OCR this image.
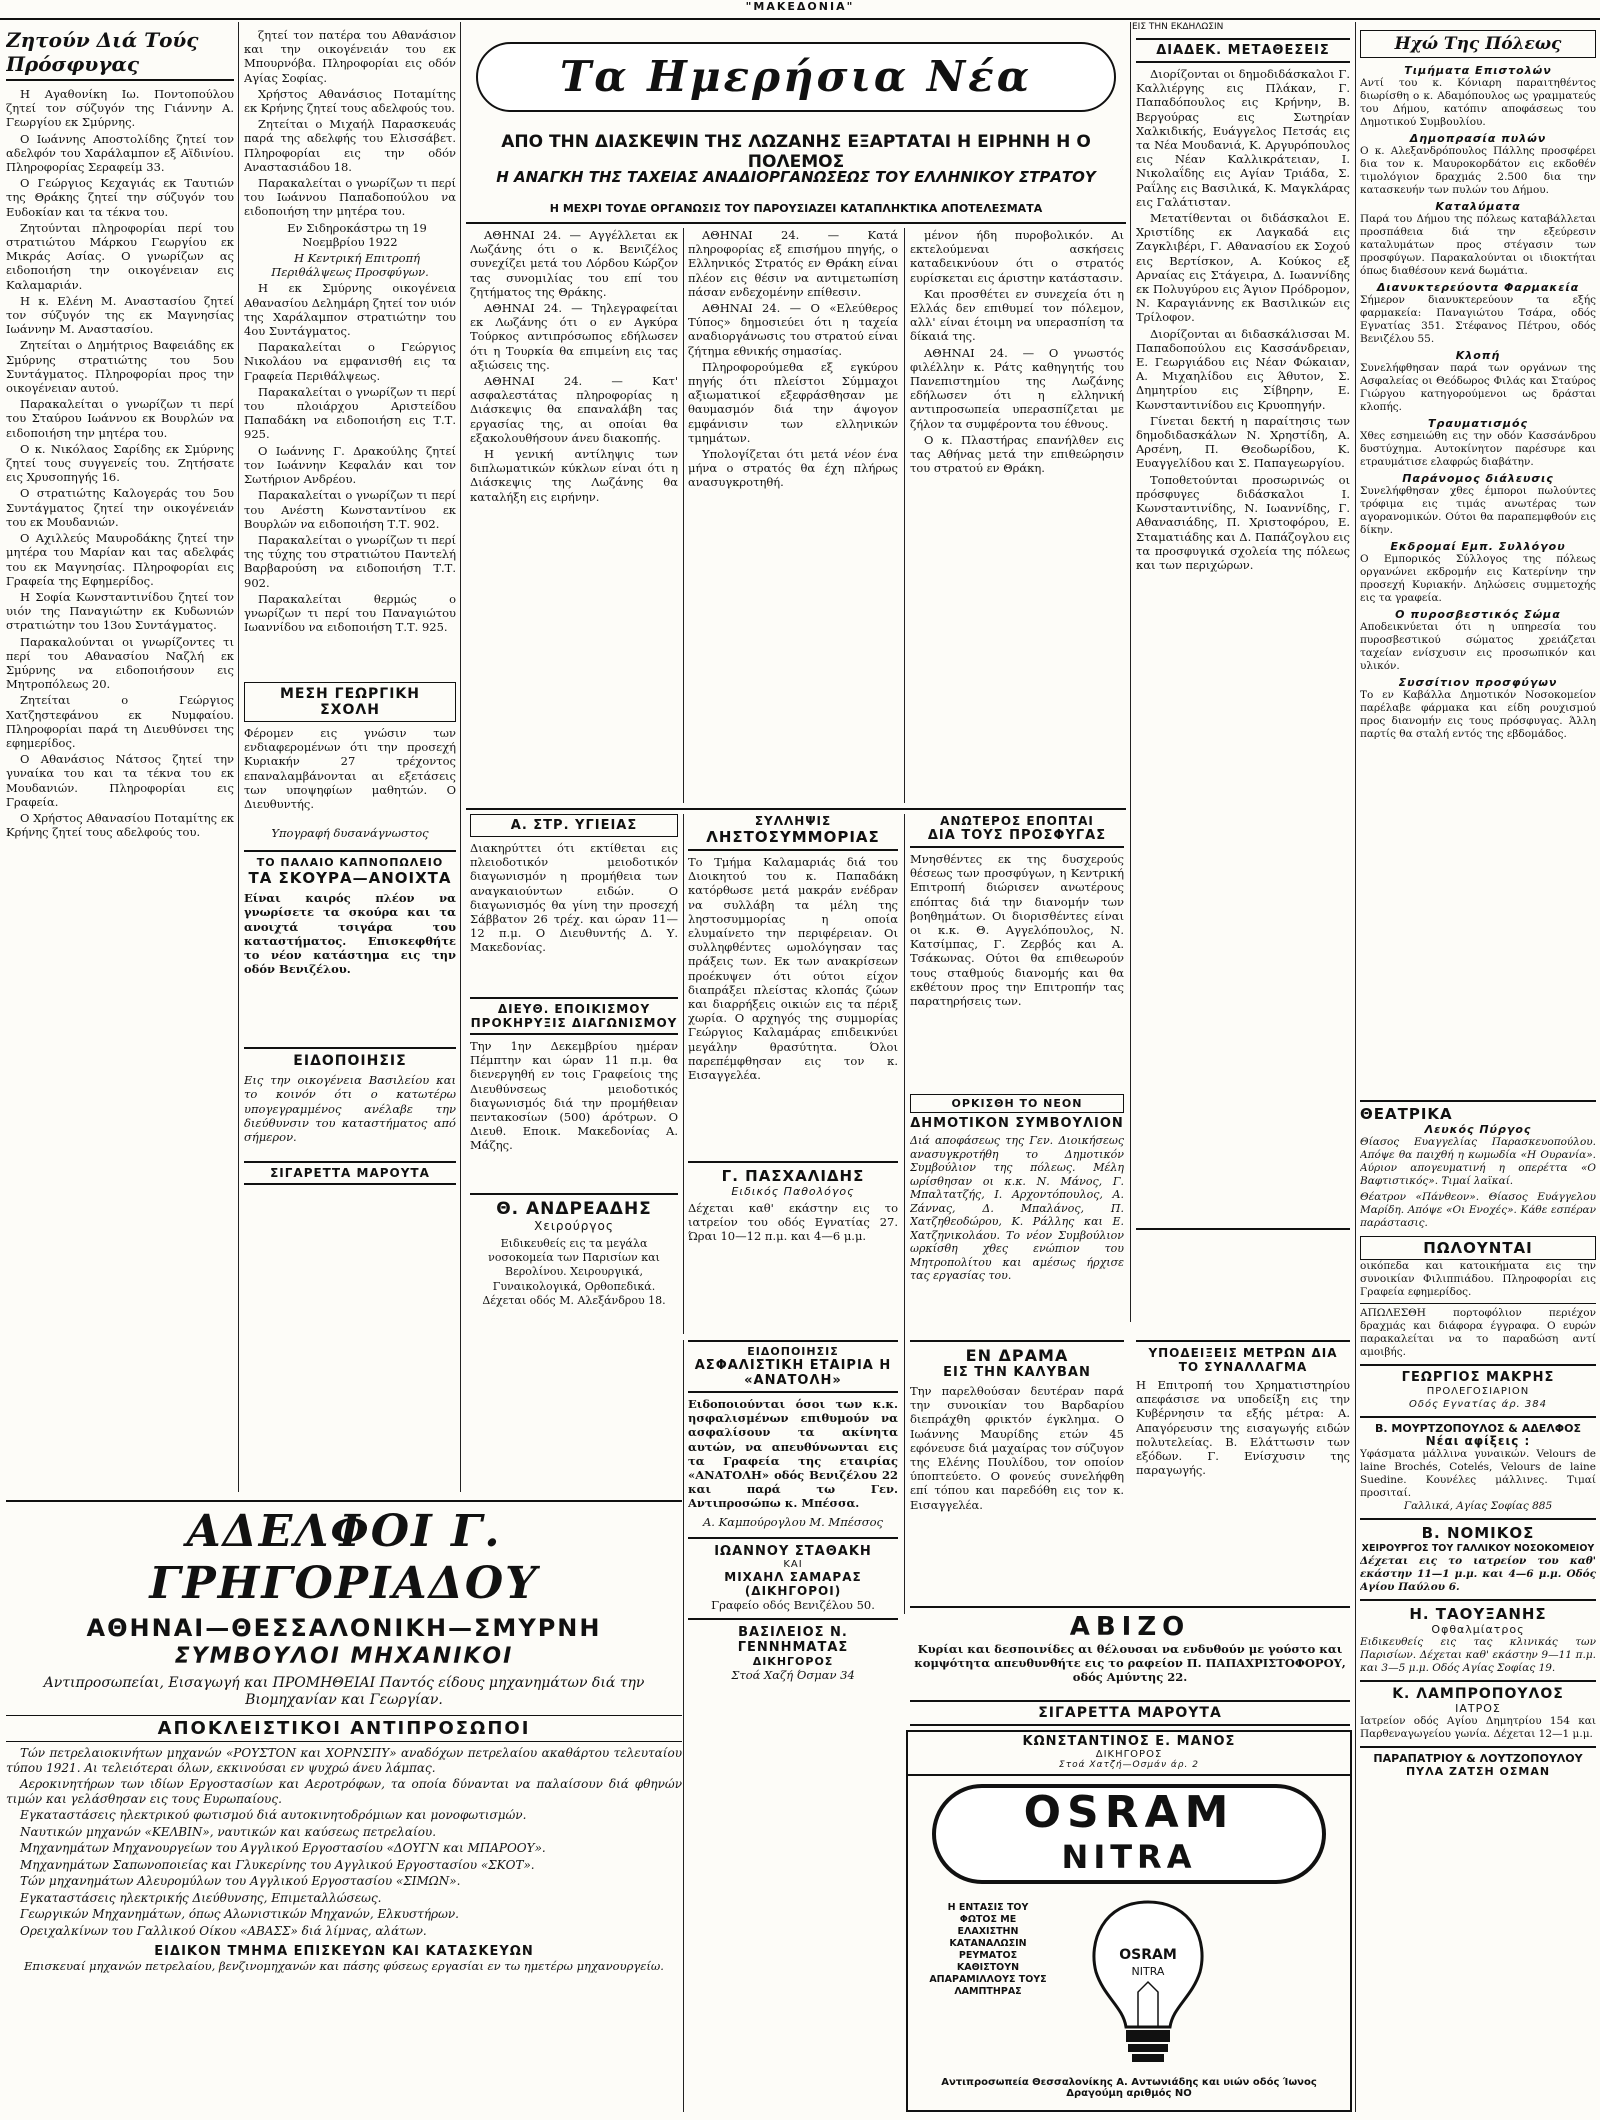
"ΜΑΚΕΔΟΝΙΑ"
ΕΙΣ ΤΗΝ ΕΚΔΗΛΩΣΙΝ
Ζητούν Διά Τούς Πρόσφυγας

Η Αγαθονίκη Ιω. Ποντοπούλου ζητεί τον σύζυγόν της Γιάννην Α. Γεωργίου εκ Σμύρνης.

Ο Ιωάννης Αποστολίδης ζητεί τον αδελφόν του Χαράλαμπον εξ Αϊδινίου. Πληροφορίας Σεραφείμ 33.

Ο Γεώργιος Κεχαγιάς εκ Ταυτιών της Θράκης ζητεί την σύζυγόν του Ευδοκίαν και τα τέκνα του.

Ζητούνται πληροφορίαι περί του στρατιώτου Μάρκου Γεωργίου εκ Μικράς Ασίας. Ο γνωρίζων ας ειδοποιήση την οικογένειαν εις Καλαμαριάν.

Η κ. Ελένη Μ. Αναστασίου ζητεί τον σύζυγόν της εκ Μαγνησίας Ιωάννην Μ. Αναστασίου.

Ζητείται ο Δημήτριος Βαφειάδης εκ Σμύρνης στρατιώτης του 5ου Συντάγματος. Πληροφορίαι προς την οικογένειαν αυτού.

Παρακαλείται ο γνωρίζων τι περί του Σταύρου Ιωάννου εκ Βουρλών να ειδοποιήση την μητέρα του.

Ο κ. Νικόλαος Σαρίδης εκ Σμύρνης ζητεί τους συγγενείς του. Ζητήσατε εις Χρυσοπηγής 16.

Ο στρατιώτης Καλογεράς του 5ου Συντάγματος ζητεί την οικογένειάν του εκ Μουδανιών.

Ο Αχιλλεύς Μαυροδάκης ζητεί την μητέρα του Μαρίαν και τας αδελφάς του εκ Μαγνησίας. Πληροφορίαι εις Γραφεία της Εφημερίδος.

Η Σοφία Κωνσταντινίδου ζητεί τον υιόν της Παναγιώτην εκ Κυδωνιών στρατιώτην του 13ου Συντάγματος.

Παρακαλούνται οι γνωρίζοντες τι περί του Αθανασίου Ναζλή εκ Σμύρνης να ειδοποιήσουν εις Μητροπόλεως 20.

Ζητείται ο Γεώργιος Χατζηστεφάνου εκ Νυμφαίου. Πληροφορίαι παρά τη Διευθύνσει της εφημερίδος.

Ο Αθανάσιος Νάτσος ζητεί την γυναίκα του και τα τέκνα του εκ Μουδανιών. Πληροφορίαι εις Γραφεία.

Ο Χρήστος Αθανασίου Ποταμίτης εκ Κρήνης ζητεί τους αδελφούς του.

ζητεί τον πατέρα του Αθανάσιον και την οικογένειάν του εκ Μπουρνόβα. Πληροφορίαι εις οδόν Αγίας Σοφίας.

Χρήστος Αθανάσιος Ποταμίτης εκ Κρήνης ζητεί τους αδελφούς του.

Ζητείται ο Μιχαήλ Παρασκευάς παρά της αδελφής του Ελισσάβετ. Πληροφορίαι εις την οδόν Αναστασιάδου 18.

Παρακαλείται ο γνωρίζων τι περί του Ιωάννου Παπαδοπούλου να ειδοποιήση την μητέρα του.

Εν Σιδηροκάστρω τη 19 Νοεμβρίου 1922

Η Κεντρική Επιτροπή Περιθάλψεως Προσφύγων.

Η εκ Σμύρνης οικογένεια Αθανασίου Δελημάρη ζητεί τον υιόν της Χαράλαμπον στρατιώτην του 4ου Συντάγματος.

Παρακαλείται ο Γεώργιος Νικολάου να εμφανισθή εις τα Γραφεία Περιθάλψεως.

Παρακαλείται ο γνωρίζων τι περί του πλοιάρχου Αριστείδου Παπαδάκη να ειδοποιήση εις Τ.Τ. 925.

Ο Ιωάννης Γ. Δρακούλης ζητεί τον Ιωάννην Κεφαλάν και τον Σωτήριον Ανδρέου.

Παρακαλείται ο γνωρίζων τι περί του Ανέστη Κωνσταντίνου εκ Βουρλών να ειδοποιήση Τ.Τ. 902.

Παρακαλείται ο γνωρίζων τι περί της τύχης του στρατιώτου Παντελή Βαρβαρούση να ειδοποιήση Τ.Τ. 902.

Παρακαλείται θερμώς ο γνωρίζων τι περί του Παναγιώτου Ιωαννίδου να ειδοποιήση Τ.Τ. 925.

ΜΕΣΗ ΓΕΩΡΓΙΚΗ ΣΧΟΛΗ
Φέρομεν εις γνώσιν των ενδιαφερομένων ότι την προσεχή Κυριακήν 27 τρέχοντος επαναλαμβάνονται αι εξετάσεις των υποψηφίων μαθητών. Ο Διευθυντής.
Υπογραφή δυσανάγνωστος
ΤΟ ΠΑΛΑΙΟ ΚΑΠΝΟΠΩΛΕΙΟ
ΤΑ ΣΚΟΥΡΑ—ΑΝΟΙΧΤΑ
Είναι καιρός πλέον να γνωρίσετε τα σκούρα και τα ανοιχτά τσιγάρα του καταστήματος. Επισκεφθήτε το νέον κατάστημα εις την οδόν Βενιζέλου.
ΕΙΔΟΠΟΙΗΣΙΣ
Εις την οικογένεια Βασιλείου και το κοινόν ότι ο κατωτέρω υπογεγραμμένος ανέλαβε την διεύθυνσιν του καταστήματος από σήμερον.
ΣΙΓΑΡΕΤΤΑ ΜΑΡΟΥΤΑ
Τα Ημερήσια Νέα
ΑΠΟ ΤΗΝ ΔΙΑΣΚΕΨΙΝ ΤΗΣ ΛΩΖΑΝΗΣ ΕΞΑΡΤΑΤΑΙ Η ΕΙΡΗΝΗ Η Ο ΠΟΛΕΜΟΣ
Η ΑΝΑΓΚΗ ΤΗΣ ΤΑΧΕΙΑΣ ΑΝΑΔΙΟΡΓΑΝΩΣΕΩΣ ΤΟΥ ΕΛΛΗΝΙΚΟΥ ΣΤΡΑΤΟΥ
Η ΜΕΧΡΙ ΤΟΥΔΕ ΟΡΓΑΝΩΣΙΣ ΤΟΥ ΠΑΡΟΥΣΙΑΖΕΙ ΚΑΤΑΠΛΗΚΤΙΚΑ ΑΠΟΤΕΛΕΣΜΑΤΑ

ΑΘΗΝΑΙ 24. — Αγγέλλεται εκ Λωζάνης ότι ο κ. Βενιζέλος συνεχίζει μετά του Λόρδου Κώρζον τας συνομιλίας του επί του ζητήματος της Θράκης.

ΑΘΗΝΑΙ 24. — Τηλεγραφείται εκ Λωζάνης ότι ο εν Αγκύρα Τούρκος αντιπρόσωπος εδήλωσεν ότι η Τουρκία θα επιμείνη εις τας αξιώσεις της.

ΑΘΗΝΑΙ 24. — Κατ' ασφαλεστάτας πληροφορίας η Διάσκεψις θα επαναλάβη τας εργασίας της, αι οποίαι θα εξακολουθήσουν άνευ διακοπής.

Η γενική αντίληψις των διπλωματικών κύκλων είναι ότι η Διάσκεψις της Λωζάνης θα καταλήξη εις ειρήνην.

ΑΘΗΝΑΙ 24. — Κατά πληροφορίας εξ επισήμου πηγής, ο Ελληνικός Στρατός εν Θράκη είναι πλέον εις θέσιν να αντιμετωπίση πάσαν ενδεχομένην επίθεσιν.

ΑΘΗΝΑΙ 24. — Ο «Ελεύθερος Τύπος» δημοσιεύει ότι η ταχεία αναδιοργάνωσις του στρατού είναι ζήτημα εθνικής σημασίας.

Πληροφορούμεθα εξ εγκύρου πηγής ότι πλείστοι Σύμμαχοι αξιωματικοί εξεφράσθησαν με θαυμασμόν διά την άψογον εμφάνισιν των ελληνικών τμημάτων.

Υπολογίζεται ότι μετά νέον ένα μήνα ο στρατός θα έχη πλήρως ανασυγκροτηθή.

μένον ήδη πυροβολικόν. Αι εκτελούμεναι ασκήσεις καταδεικνύουν ότι ο στρατός ευρίσκεται εις άριστην κατάστασιν.

Και προσθέτει εν συνεχεία ότι η Ελλάς δεν επιθυμεί τον πόλεμον, αλλ' είναι έτοιμη να υπερασπίση τα δίκαιά της.

ΑΘΗΝΑΙ 24. — Ο γνωστός φιλέλλην κ. Ράτς καθηγητής του Πανεπιστημίου της Λωζάνης εδήλωσεν ότι η ελληνική αντιπροσωπεία υπερασπίζεται με ζήλον τα συμφέροντα του έθνους.

Ο κ. Πλαστήρας επανήλθεν εις τας Αθήνας μετά την επιθεώρησιν του στρατού εν Θράκη.

Α. ΣΤΡ. ΥΓΙΕΙΑΣ
Διακηρύττει ότι εκτίθεται εις πλειοδοτικόν μειοδοτικόν διαγωνισμόν η προμήθεια των αναγκαιούντων ειδών. Ο διαγωνισμός θα γίνη την προσεχή Σάββατον 26 τρέχ. και ώραν 11—12 π.μ. Ο Διευθυντής Δ. Υ. Μακεδονίας.
ΔΙΕΥΘ. ΕΠΟΙΚΙΣΜΟΥ ΠΡΟΚΗΡΥΞΙΣ ΔΙΑΓΩΝΙΣΜΟΥ
Την 1ην Δεκεμβρίου ημέραν Πέμπτην και ώραν 11 π.μ. θα διενεργηθή εν τοις Γραφείοις της Διευθύνσεως μειοδοτικός διαγωνισμός διά την προμήθειαν πεντακοσίων (500) άρότρων. Ο Διευθ. Εποικ. Μακεδονίας Α. Μάζης.
Θ. ΑΝΔΡΕΑΔΗΣ
Χειρούργος
Ειδικευθείς εις τα μεγάλα νοσοκομεία των Παρισίων και Βερολίνου. Χειρουργικά, Γυναικολογικά, Ορθοπεδικά. Δέχεται οδός Μ. Αλεξάνδρου 18.
ΣΥΛΛΗΨΙΣ
ΛΗΣΤΟΣΥΜΜΟΡΙΑΣ
Το Τμήμα Καλαμαριάς διά του Διοικητού του κ. Παπαδάκη κατόρθωσε μετά μακράν ενέδραν να συλλάβη τα μέλη της ληστοσυμμορίας η οποία ελυμαίνετο την περιφέρειαν. Οι συλληφθέντες ωμολόγησαν τας πράξεις των. Εκ των ανακρίσεων προέκυψεν ότι ούτοι είχον διαπράξει πλείστας κλοπάς ζώων και διαρρήξεις οικιών εις τα πέριξ χωρία. Ο αρχηγός της συμμορίας Γεώργιος Καλαμάρας επιδεικνύει μεγάλην θρασύτητα. Όλοι παρεπέμφθησαν εις τον κ. Εισαγγελέα.
Γ. ΠΑΣΧΑΛΙΔΗΣ
Ειδικός Παθολόγος
Δέχεται καθ' εκάστην εις το ιατρείον του οδός Εγνατίας 27. Ώραι 10—12 π.μ. και 4—6 μ.μ.
ΑΝΩΤΕΡΟΣ ΕΠΟΠΤΑΙ
ΔΙΑ ΤΟΥΣ ΠΡΟΣΦΥΓΑΣ
Μνησθέντες εκ της δυσχερούς θέσεως των προσφύγων, η Κεντρική Επιτροπή διώρισεν ανωτέρους επόπτας διά την διανομήν των βοηθημάτων. Οι διορισθέντες είναι οι κ.κ. Θ. Αγγελόπουλος, Ν. Κατσίμπας, Γ. Ζερβός και Α. Τσάκωνας. Ούτοι θα επιθεωρούν τους σταθμούς διανομής και θα εκθέτουν προς την Επιτροπήν τας παρατηρήσεις των.
ΟΡΚΙΣΘΗ ΤΟ ΝΕΟΝ
ΔΗΜΟΤΙΚΟΝ ΣΥΜΒΟΥΛΙΟΝ
Διά αποφάσεως της Γεν. Διοικήσεως ανασυγκροτήθη το Δημοτικόν Συμβούλιον της πόλεως. Μέλη ωρίσθησαν οι κ.κ. Ν. Μάνος, Γ. Μπαλτατζής, Ι. Αρχοντόπουλος, Α. Ζάννας, Δ. Μπαλάνος, Π. Χατζηθεοδώρου, Κ. Ράλλης και Ε. Χατζηνικολάου. Το νέον Συμβούλιον ωρκίσθη χθες ενώπιον του Μητροπολίτου και αμέσως ήρχισε τας εργασίας του.
ΔΙΑΔΕΚ. ΜΕΤΑΘΕΣΕΙΣ

Διορίζονται οι δημοδιδάσκαλοι Γ. Καλλιέργης εις Πλάκαν, Γ. Παπαδόπουλος εις Κρήνην, Β. Βεργούρας εις Σωτηρίαν Χαλκιδικής, Ευάγγελος Πετσάς εις τα Νέα Μουδανιά, Κ. Αργυρόπουλος εις Νέαν Καλλικράτειαν, Ι. Νικολαΐδης εις Αγίαν Τριάδα, Σ. Ραΐλης εις Βασιλικά, Κ. Μαγκλάρας εις Γαλάτισταν.

Μετατίθενται οι διδάσκαλοι Ε. Χριστίδης εκ Λαγκαδά εις Ζαγκλιβέρι, Γ. Αθανασίου εκ Σοχού εις Βερτίσκον, Α. Κούκος εξ Αρναίας εις Στάγειρα, Δ. Ιωαννίδης εκ Πολυγύρου εις Άγιον Πρόδρομον, Ν. Καραγιάννης εκ Βασιλικών εις Τρίλοφον.

Διορίζονται αι διδασκάλισσαι Μ. Παπαδοπούλου εις Κασσάνδρειαν, Ε. Γεωργιάδου εις Νέαν Φώκαιαν, Α. Μιχαηλίδου εις Άθυτον, Σ. Δημητρίου εις Σίβηρην, Ε. Κωνσταντινίδου εις Κρυοπηγήν.

Γίνεται δεκτή η παραίτησις των δημοδιδασκάλων Ν. Χρηστίδη, Α. Αρσένη, Π. Θεοδωρίδου, Κ. Ευαγγελίδου και Σ. Παπαγεωργίου.

Τοποθετούνται προσωρινώς οι πρόσφυγες διδάσκαλοι Ι. Κωνσταντινίδης, Ν. Ιωαννίδης, Γ. Αθανασιάδης, Π. Χριστοφόρου, Ε. Σταματιάδης και Δ. Παπάζογλου εις τα προσφυγικά σχολεία της πόλεως και των περιχώρων.

ΕΝ ΔΡΑΜΑ
ΕΙΣ ΤΗΝ ΚΑΛΥΒΑΝ
Την παρελθούσαν δευτέραν παρά την συνοικίαν του Βαρδαρίου διεπράχθη φρικτόν έγκλημα. Ο Ιωάννης Μαυρίδης ετών 45 εφόνευσε διά μαχαίρας τον σύζυγον της Ελένης Πουλίδου, τον οποίον ύποπτεύετο. Ο φονεύς συνελήφθη επί τόπου και παρεδόθη εις τον κ. Εισαγγελέα.
ΥΠΟΔΕΙΞΕΙΣ ΜΕΤΡΩΝ ΔΙΑ ΤΟ ΣΥΝΑΛΛΑΓΜΑ
Η Επιτροπή του Χρηματιστηρίου απεφάσισε να υποδείξη εις την Κυβέρνησιν τα εξής μέτρα: Α. Απαγόρευσιν της εισαγωγής ειδών πολυτελείας. Β. Ελάττωσιν των εξόδων. Γ. Ενίσχυσιν της παραγωγής.
ΑΒΙΖΟ
Κυρίαι και δεσποινίδες αι θέλουσαι να ενδυθούν με γούστο και κομψότητα απευθυνθήτε εις το ραφείον Π. ΠΑΠΑΧΡΙΣΤΟΦΟΡΟΥ, οδός Αμύντης 22.
ΣΙΓΑΡΕΤΤΑ ΜΑΡΟΥΤΑ
ΕΙΔΟΠΟΙΗΣΙΣ
ΑΣΦΑΛΙΣΤΙΚΗ ΕΤΑΙΡΙΑ Η «ΑΝΑΤΟΛΗ»
Ειδοποιούνται όσοι των κ.κ. ησφαλισμένων επιθυμούν να ασφαλίσουν τα ακίνητα αυτών, να απευθύνωνται εις τα Γραφεία της εταιρίας «ΑΝΑΤΟΛΗ» οδός Βενιζέλου 22 και παρά τω Γεν. Αντιπροσώπω κ. Μπέσσα.
Α. Καμπούρογλου Μ. Μπέσσος
ΙΩΑΝΝΟΥ ΣΤΑΘΑΚΗ
ΚΑΙ
ΜΙΧΑΗΛ ΣΑΜΑΡΑΣ (ΔΙΚΗΓΟΡΟΙ)
Γραφείο οδός Βενιζέλου 50.
ΒΑΣΙΛΕΙΟΣ Ν. ΓΕΝΝΗΜΑΤΑΣ
ΔΙΚΗΓΟΡΟΣ
Στοά Χαζή Όσμαν 34
ΚΩΝΣΤΑΝΤΙΝΟΣ Ε. ΜΑΝΟΣ
ΔΙΚΗΓΟΡΟΣ
Στοά Χατζή—Οσμάν άρ. 2
OSRAM
NITRA
Η ΕΝΤΑΣΙΣ ΤΟΥ ΦΩΤΟΣ ΜΕ ΕΛΑΧΙΣΤΗΝ ΚΑΤΑΝΑΛΩΣΙΝ ΡΕΥΜΑΤΟΣ ΚΑΘΙΣΤΟΥΝ ΑΠΑΡΑΜΙΛΛΟΥΣ ΤΟΥΣ ΛΑΜΠΤΗΡΑΣ
OSRAM
NITRA
Αντιπροσωπεία Θεσσαλονίκης Α. Αντωνιάδης και υιών οδός Ίωνος Δραγούμη αριθμός ΝΟ
Ηχώ Της Πόλεως
Τιμήματα Επιστολών
Αντί του κ. Κόνιαρη παραιτηθέντος διωρίσθη ο κ. Αδαμόπουλος ως γραμματεύς του Δήμου, κατόπιν αποφάσεως του Δημοτικού Συμβουλίου.
Δημοπρασία πυλών
Ο κ. Αλεξανδρόπουλος Πάλλης προσφέρει δια τον κ. Μαυροκορδάτον εις εκδοθέν τιμολόγιον δραχμάς 2.500 δια την κατασκευήν των πυλών του Δήμου.
Καταλύματα
Παρά του Δήμου της πόλεως καταβάλλεται προσπάθεια διά την εξεύρεσιν καταλυμάτων προς στέγασιν των προσφύγων. Παρακαλούνται οι ιδιοκτήται όπως διαθέσουν κενά δωμάτια.
Διανυκτερεύοντα Φαρμακεία
Σήμερον διανυκτερεύουν τα εξής φαρμακεία: Παναγιώτου Τσάρα, οδός Εγνατίας 351. Στέφανος Πέτρου, οδός Βενιζέλου 55.
Κλοπή
Συνελήφθησαν παρά των οργάνων της Ασφαλείας οι Θεόδωρος Φιλάς και Σταύρος Γιώργου κατηγορούμενοι ως δράσται κλοπής.
Τραυματισμός
Χθες εσημειώθη εις την οδόν Κασσάνδρου δυστύχημα. Αυτοκίνητον παρέσυρε και ετραυμάτισε ελαφρώς διαβάτην.
Παράνομος διάλευσις
Συνελήφθησαν χθες έμποροι πωλούντες τρόφιμα εις τιμάς ανωτέρας των αγορανομικών. Ούτοι θα παραπεμφθούν εις δίκην.
Εκδρομαί Εμπ. Συλλόγου
Ο Εμπορικός Σύλλογος της πόλεως οργανώνει εκδρομήν εις Κατερίνην την προσεχή Κυριακήν. Δηλώσεις συμμετοχής εις τα γραφεία.
Ο πυροσβεστικός Σώμα
Αποδεικνύεται ότι η υπηρεσία του πυροσβεστικού σώματος χρειάζεται ταχείαν ενίσχυσιν εις προσωπικόν και υλικόν.
Συσσίτιον προσφύγων
Το εν Καβάλλα Δημοτικόν Νοσοκομείον παρέλαβε φάρμακα και είδη ρουχισμού προς διανομήν εις τους πρόσφυγας. Άλλη παρτίς θα σταλή εντός της εβδομάδος.
ΘΕΑΤΡΙΚΑ
Λευκός Πύργος
Θίασος Ευαγγελίας Παρασκευοπούλου. Απόψε θα παιχθή η κωμωδία «Η Ουρανία». Αύριον απογευματινή η οπερέττα «Ο Βαφτιστικός». Τιμαί λαϊκαί.
Θέατρον «Πάνθεον». Θίασος Ευάγγελου Μαρίδη. Απόψε «Οι Ενοχές». Κάθε εσπέραν παράστασις.
ΠΩΛΟΥΝΤΑΙ
οικόπεδα και κατοικήματα εις την συνοικίαν Φιλιππιάδου. Πληροφορίαι εις Γραφεία εφημερίδος.
ΑΠΩΛΕΣΘΗ πορτοφόλιον περιέχον δραχμάς και διάφορα έγγραφα. Ο ευρών παρακαλείται να το παραδώση αντί αμοιβής.
ΓΕΩΡΓΙΟΣ ΜΑΚΡΗΣ
ΠΡΟΛΕΓΟΣΙΑΡΙΟΝ
Οδός Εγνατίας άρ. 384
Β. ΜΟΥΡΤΖΟΠΟΥΛΟΣ & ΑΔΕΛΦΟΣ
Νέαι αφίξεις :
Υφάσματα μάλλινα γυναικών. Velours de laine Brochés, Cotelés, Velours de laine Suedine. Κουνέλες μάλλινες. Τιμαί προσιταί.
Γαλλικά, Αγίας Σοφίας 885
Β. ΝΟΜΙΚΟΣ
ΧΕΙΡΟΥΡΓΟΣ ΤΟΥ ΓΑΛΛΙΚΟΥ ΝΟΣΟΚΟΜΕΙΟΥ
Δέχεται εις το ιατρείον του καθ' εκάστην 11—1 μ.μ. και 4—6 μ.μ. Οδός Αγίου Παύλου 6.
Η. ΤΑΟΥΞΑΝΗΣ
Οφθαλμίατρος
Ειδικευθείς εις τας κλινικάς των Παρισίων. Δέχεται καθ' εκάστην 9—11 π.μ. και 3—5 μ.μ. Οδός Αγίας Σοφίας 19.
Κ. ΛΑΜΠΡΟΠΟΥΛΟΣ
ΙΑΤΡΟΣ
Ιατρείον οδός Αγίου Δημητρίου 154 και Παρθεναγωγείου γωνία. Δέχεται 12—1 μ.μ.
ΠΑΡΑΠΑΤΡΙΟΥ & ΛΟΥΤΖΟΠΟΥΛΟΥ
ΠΥΛΑ ΖΑΤΣΗ ΟΣΜΑΝ
ΑΔΕΛΦΟΙ Γ. ΓΡΗΓΟΡΙΑΔΟΥ
ΑΘΗΝΑΙ—ΘΕΣΣΑΛΟΝΙΚΗ—ΣΜΥΡΝΗ
ΣΥΜΒΟΥΛΟΙ ΜΗΧΑΝΙΚΟΙ
Αντιπροσωπείαι, Εισαγωγή και ΠΡΟΜΗΘΕΙΑΙ Παντός είδους μηχανημάτων διά την Βιομηχανίαν και Γεωργίαν.
ΑΠΟΚΛΕΙΣΤΙΚΟΙ ΑΝΤΙΠΡΟΣΩΠΟΙ

Τών πετρελαιοκινήτων μηχανών «ΡΟΥΣΤΟΝ και ΧΟΡΝΣΠΥ» αναδόχων πετρελαίου ακαθάρτου τελευταίου τύπου 1921. Αι τελειότεραι όλων, εκκινούσαι εν ψυχρώ άνευ λάμπας.

Αεροκινητήρων των ιδίων Εργοστασίων και Αεροτρόφων, τα οποία δύνανται να παλαίσουν διά φθηνών τιμών και γελάσθησαν εις τους Ευρωπαίους.

Εγκαταστάσεις ηλεκτρικού φωτισμού διά αυτοκινητοδρόμιων και μονοφωτισμών.

Ναυτικών μηχανών «ΚΕΛΒΙΝ», ναυτικών και καύσεως πετρελαίου.

Μηχανημάτων Μηχανουργείων του Αγγλικού Εργοστασίου «ΔΟΥΓΝ και ΜΠΑΡΟΟΥ».

Μηχανημάτων Σαπωνοποιείας και Γλυκερίνης του Αγγλικού Εργοστασίου «ΣΚΟΤ».

Τών μηχανημάτων Αλευρομύλων του Αγγλικού Εργοστασίου «ΣΙΜΩΝ».

Εγκαταστάσεις ηλεκτρικής Διεύθυνσης, Επιμεταλλώσεως.

Γεωργικών Μηχανημάτων, όπως Αλωνιστικών Μηχανών, Ελκυστήρων.

Ορειχαλκίνων του Γαλλικού Οίκου «ΑΒΑΣΣ» διά λίμνας, αλάτων.

ΕΙΔΙΚΟΝ ΤΜΗΜΑ ΕΠΙΣΚΕΥΩΝ ΚΑΙ ΚΑΤΑΣΚΕΥΩΝ
Επισκευαί μηχανών πετρελαίου, βενζινομηχανών και πάσης φύσεως εργασίαι εν τω ημετέρω μηχανουργείω.
